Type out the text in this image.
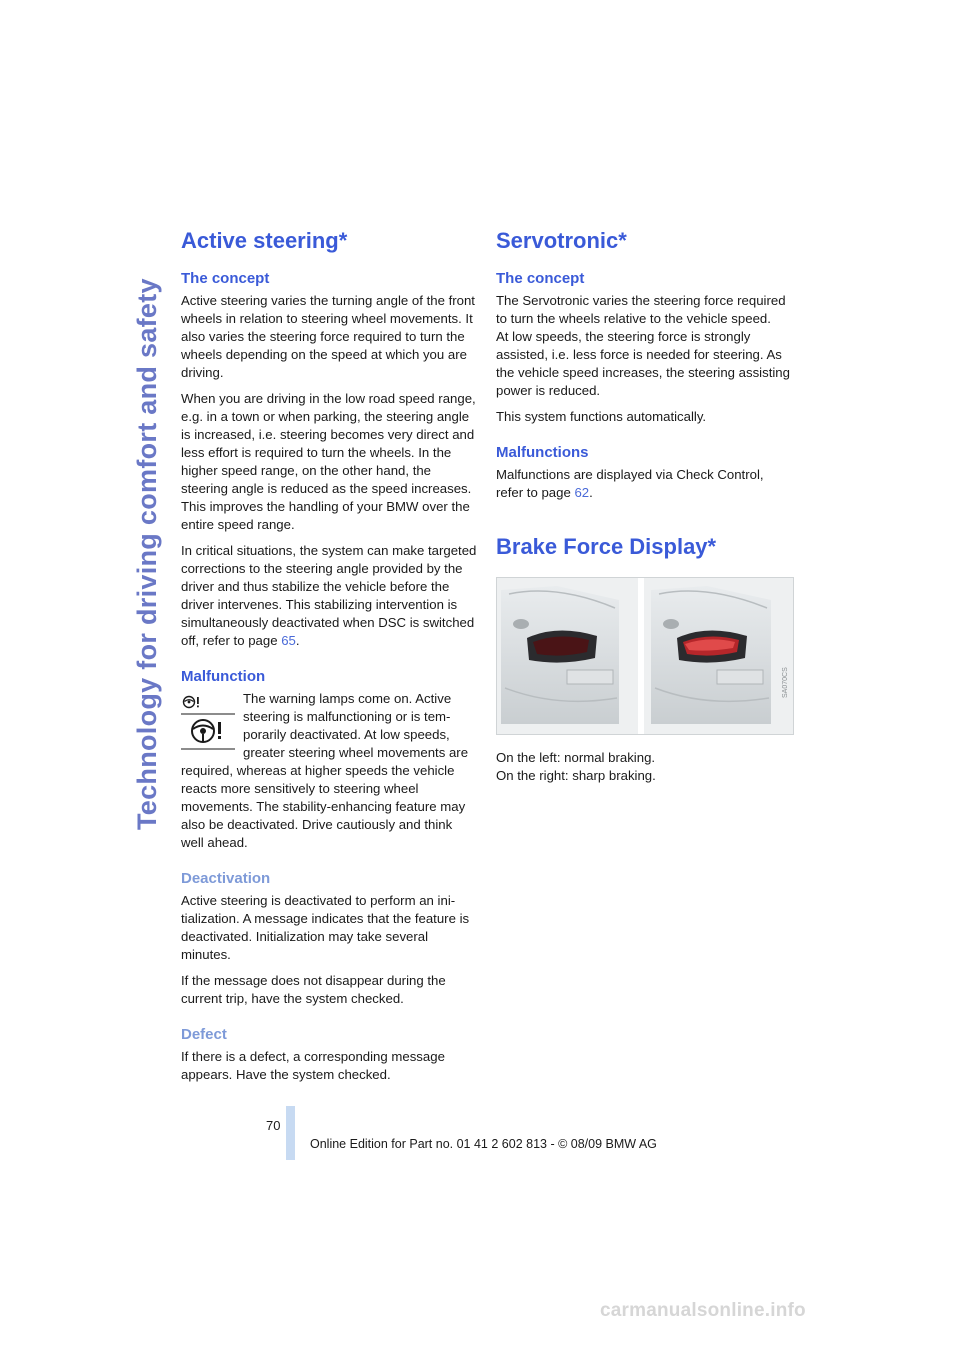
Technology for driving comfort and safety
Active steering*
The concept

Active steering varies the turning angle of the front wheels in relation to steering wheel movements. It also varies the steering force required to turn the wheels depending on the speed at which you are driving.

When you are driving in the low road speed range, e.g. in a town or when parking, the steering angle is increased, i.e. steering becomes very direct and less effort is required to turn the wheels. In the higher speed range, on the other hand, the steering angle is reduced as the speed increases. This improves the handling of your BMW over the entire speed range.

In critical situations, the system can make targeted corrections to the steering angle provided by the driver and thus stabilize the vehicle before the driver intervenes. This stabilizing intervention is simultaneously deactivated when DSC is switched off, refer to page 65.

Malfunction

The warning lamps come on. Active steering is malfunctioning or is temporarily deactivated. At low speeds, greater steering wheel movements are required, whereas at higher speeds the vehicle reacts more sensitively to steering wheel movements. The stability-enhancing feature may also be deactivated. Drive cautiously and think well ahead.

Deactivation

Active steering is deactivated to perform an initialization. A message indicates that the feature is deactivated. Initialization may take several minutes.

If the message does not disappear during the current trip, have the system checked.

Defect

If there is a defect, a corresponding message appears. Have the system checked.

Servotronic*
The concept

The Servotronic varies the steering force required to turn the wheels relative to the vehicle speed.

At low speeds, the steering force is strongly assisted, i.e. less force is needed for steering. As the vehicle speed increases, the steering assisting power is reduced.

This system functions automatically.

Malfunctions

Malfunctions are displayed via Check Control, refer to page 62.

Brake Force Display*
SA070CS

On the left: normal braking.

On the right: sharp braking.

70
Online Edition for Part no. 01 41 2 602 813 - © 08/09 BMW AG
carmanualsonline.info
